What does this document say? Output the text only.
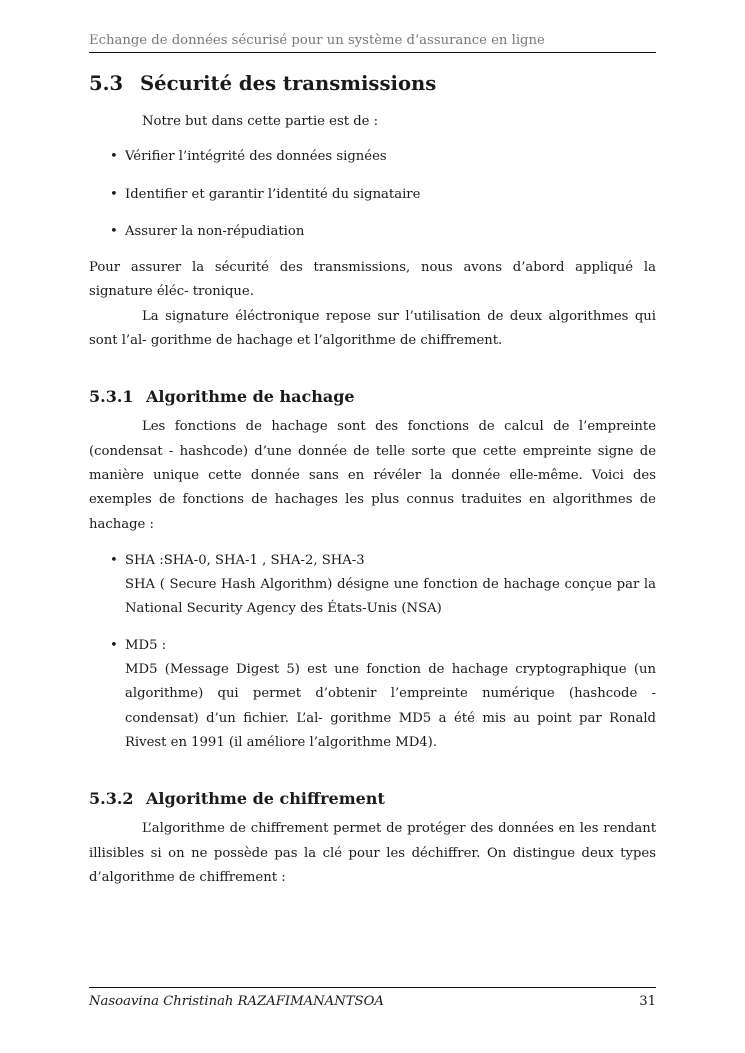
Echange de données sécurisé pour un système d’assurance en ligne
5.3 Sécurité des transmissions

Notre but dans cette partie est de :

• Vérifier l’intégrité des données signées
• Identifier et garantir l’identité du signataire
• Assurer la non-répudiation

Pour assurer la sécurité des transmissions, nous avons d’abord appliqué la signature éléc- tronique.

La signature éléctronique repose sur l’utilisation de deux algorithmes qui sont l’al- gorithme de hachage et l’algorithme de chiffrement.

5.3.1 Algorithme de hachage

Les fonctions de hachage sont des fonctions de calcul de l’empreinte (condensat - hashcode) d’une donnée de telle sorte que cette empreinte signe de manière unique cette donnée sans en révéler la donnée elle-même. Voici des exemples de fonctions de hachages les plus connus traduites en algorithmes de hachage :

• SHA :SHA-0, SHA-1 , SHA-2, SHA-3

SHA ( Secure Hash Algorithm) désigne une fonction de hachage conçue par la National Security Agency des États-Unis (NSA)

• MD5 :

MD5 (Message Digest 5) est une fonction de hachage cryptographique (un algorithme) qui permet d’obtenir l’empreinte numérique (hashcode - condensat) d’un fichier. L’al- gorithme MD5 a été mis au point par Ronald Rivest en 1991 (il améliore l’algorithme MD4).

5.3.2 Algorithme de chiffrement

L’algorithme de chiffrement permet de protéger des données en les rendant illisibles si on ne possède pas la clé pour les déchiffrer. On distingue deux types d’algorithme de chiffrement :

Nasoavina Christinah RAZAFIMANANTSOA	31
